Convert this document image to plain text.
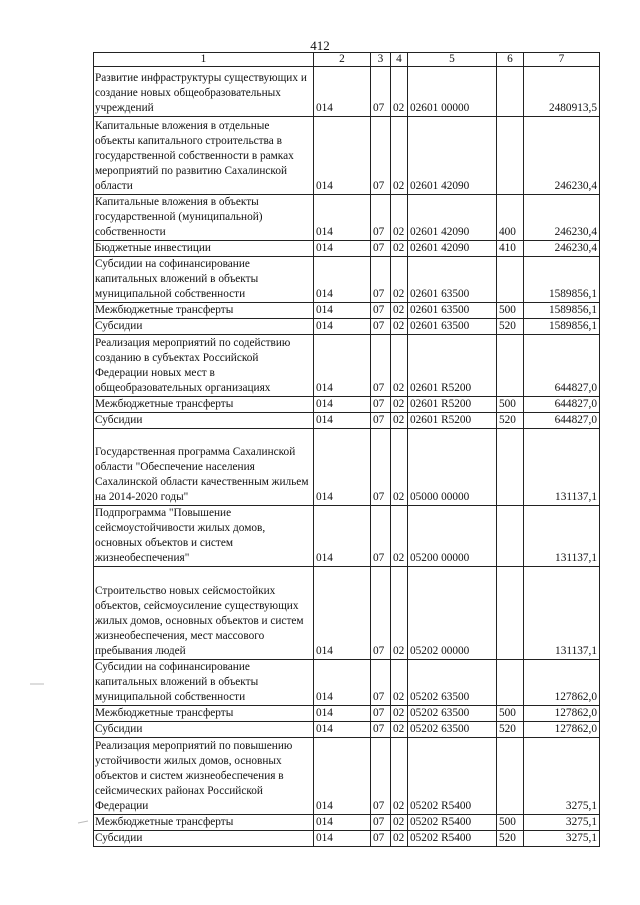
412
1	2	3	4	5	6	7
Развитие инфраструктуры существующих и создание новых общеобразовательных учреждений	014	07	02	02601 00000		2480913,5
Капитальные вложения в отдельные объекты капитального строительства в государственной собственности в рамках мероприятий по развитию Сахалинской области	014	07	02	02601 42090		246230,4
Капитальные вложения в объекты государственной (муниципальной) собственности	014	07	02	02601 42090	400	246230,4
Бюджетные инвестиции	014	07	02	02601 42090	410	246230,4
Субсидии на софинансирование капитальных вложений в объекты муниципальной собственности	014	07	02	02601 63500		1589856,1
Межбюджетные трансферты	014	07	02	02601 63500	500	1589856,1
Субсидии	014	07	02	02601 63500	520	1589856,1
Реализация мероприятий по содействию созданию в субъектах Российской Федерации новых мест в общеобразовательных организациях	014	07	02	02601 R5200		644827,0
Межбюджетные трансферты	014	07	02	02601 R5200	500	644827,0
Субсидии	014	07	02	02601 R5200	520	644827,0
Государственная программа Сахалинской области "Обеспечение населения Сахалинской области качественным жильем на 2014-2020 годы"	014	07	02	05000 00000		131137,1
Подпрограмма "Повышение сейсмоустойчивости жилых домов, основных объектов и систем жизнеобеспечения"	014	07	02	05200 00000		131137,1
Строительство новых сейсмостойких объектов, сейсмоусиление существующих жилых домов, основных объектов и систем жизнеобеспечения, мест массового пребывания людей	014	07	02	05202 00000		131137,1
Субсидии на софинансирование капитальных вложений в объекты муниципальной собственности	014	07	02	05202 63500		127862,0
Межбюджетные трансферты	014	07	02	05202 63500	500	127862,0
Субсидии	014	07	02	05202 63500	520	127862,0
Реализация мероприятий по повышению устойчивости жилых домов, основных объектов и систем жизнеобеспечения в сейсмических районах Российской Федерации	014	07	02	05202 R5400		3275,1
Межбюджетные трансферты	014	07	02	05202 R5400	500	3275,1
Субсидии	014	07	02	05202 R5400	520	3275,1
